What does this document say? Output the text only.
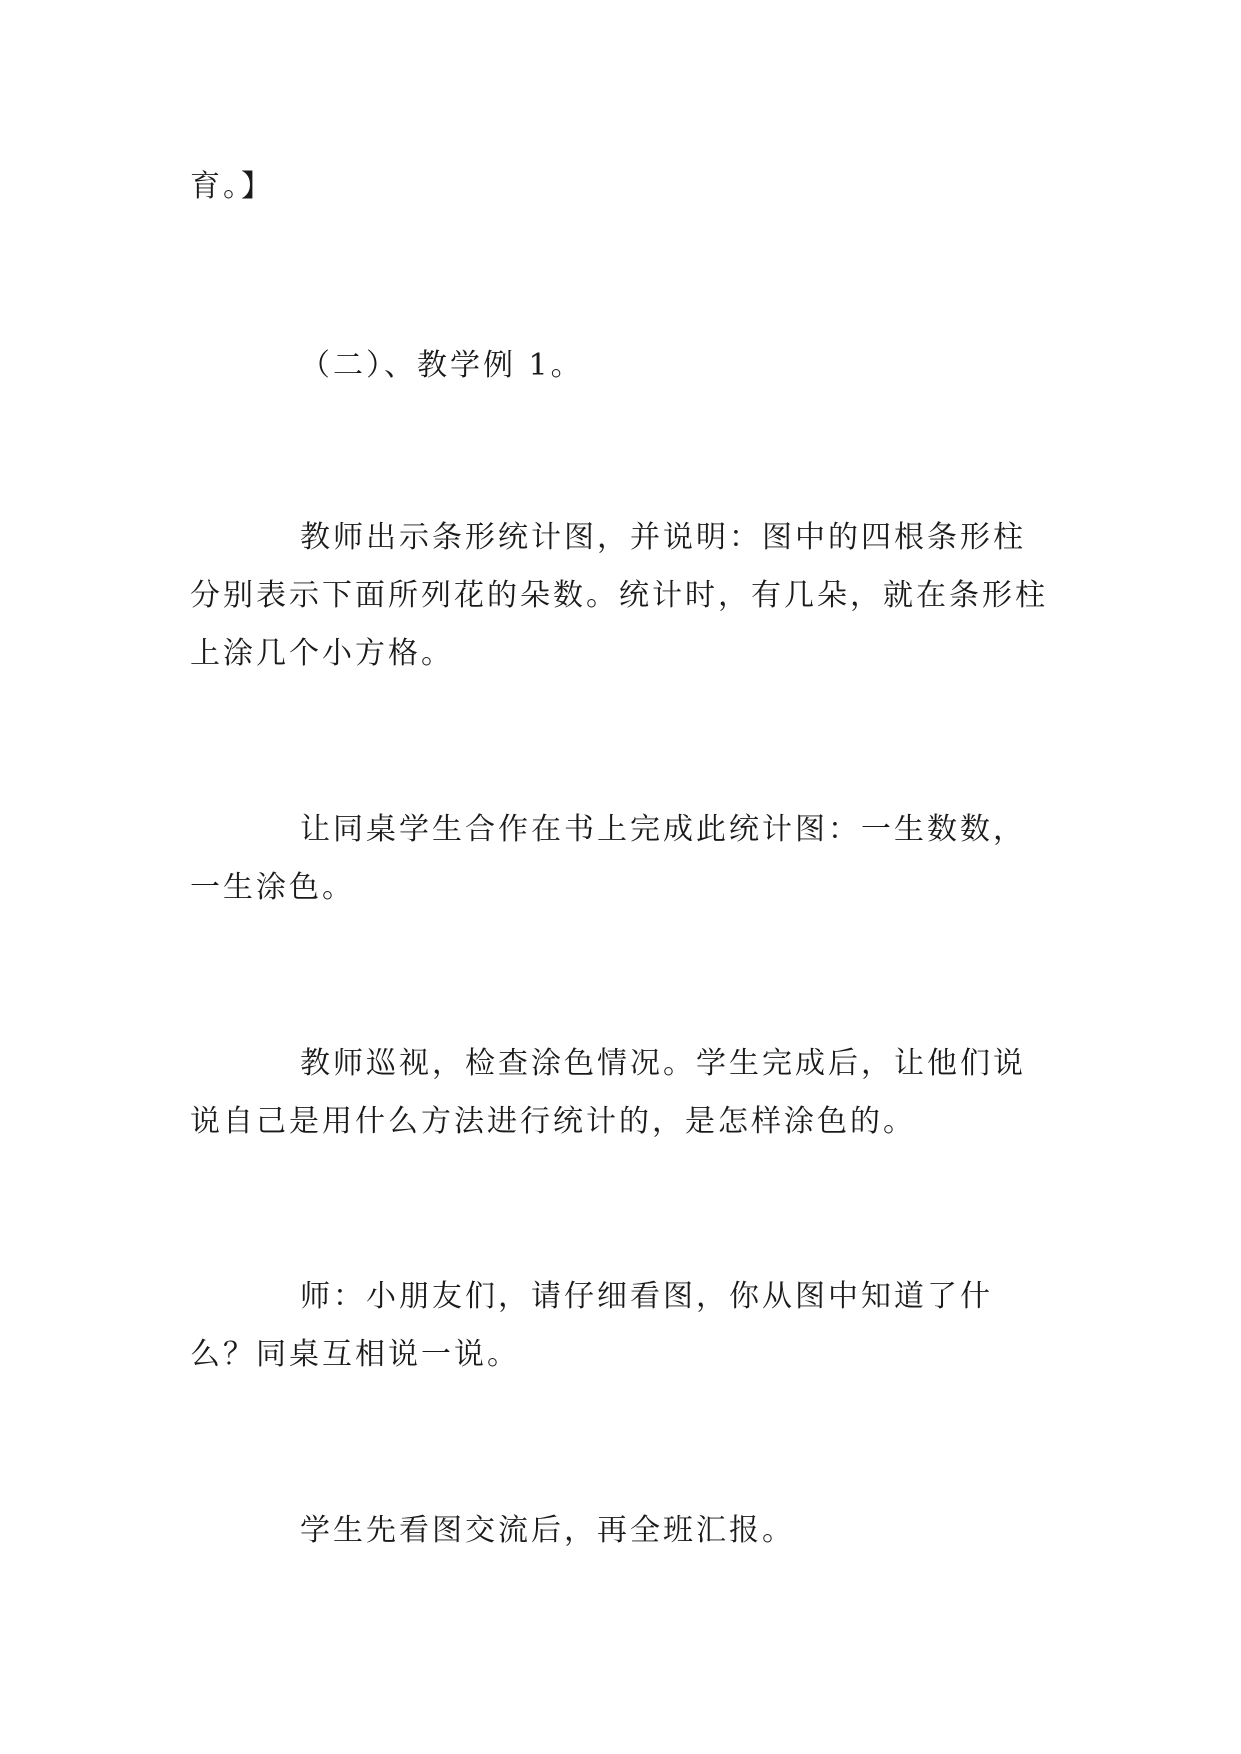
育。】

（二）、教学例 1。

教师出示条形统计图，并说明：图中的四根条形柱分别表示下面所列花的朵数。统计时，有几朵，就在条形柱上涂几个小方格。

让同桌学生合作在书上完成此统计图：一生数数，一生涂色。

教师巡视，检查涂色情况。学生完成后，让他们说说自己是用什么方法进行统计的，是怎样涂色的。

师：小朋友们，请仔细看图，你从图中知道了什么？同桌互相说一说。

学生先看图交流后，再全班汇报。
